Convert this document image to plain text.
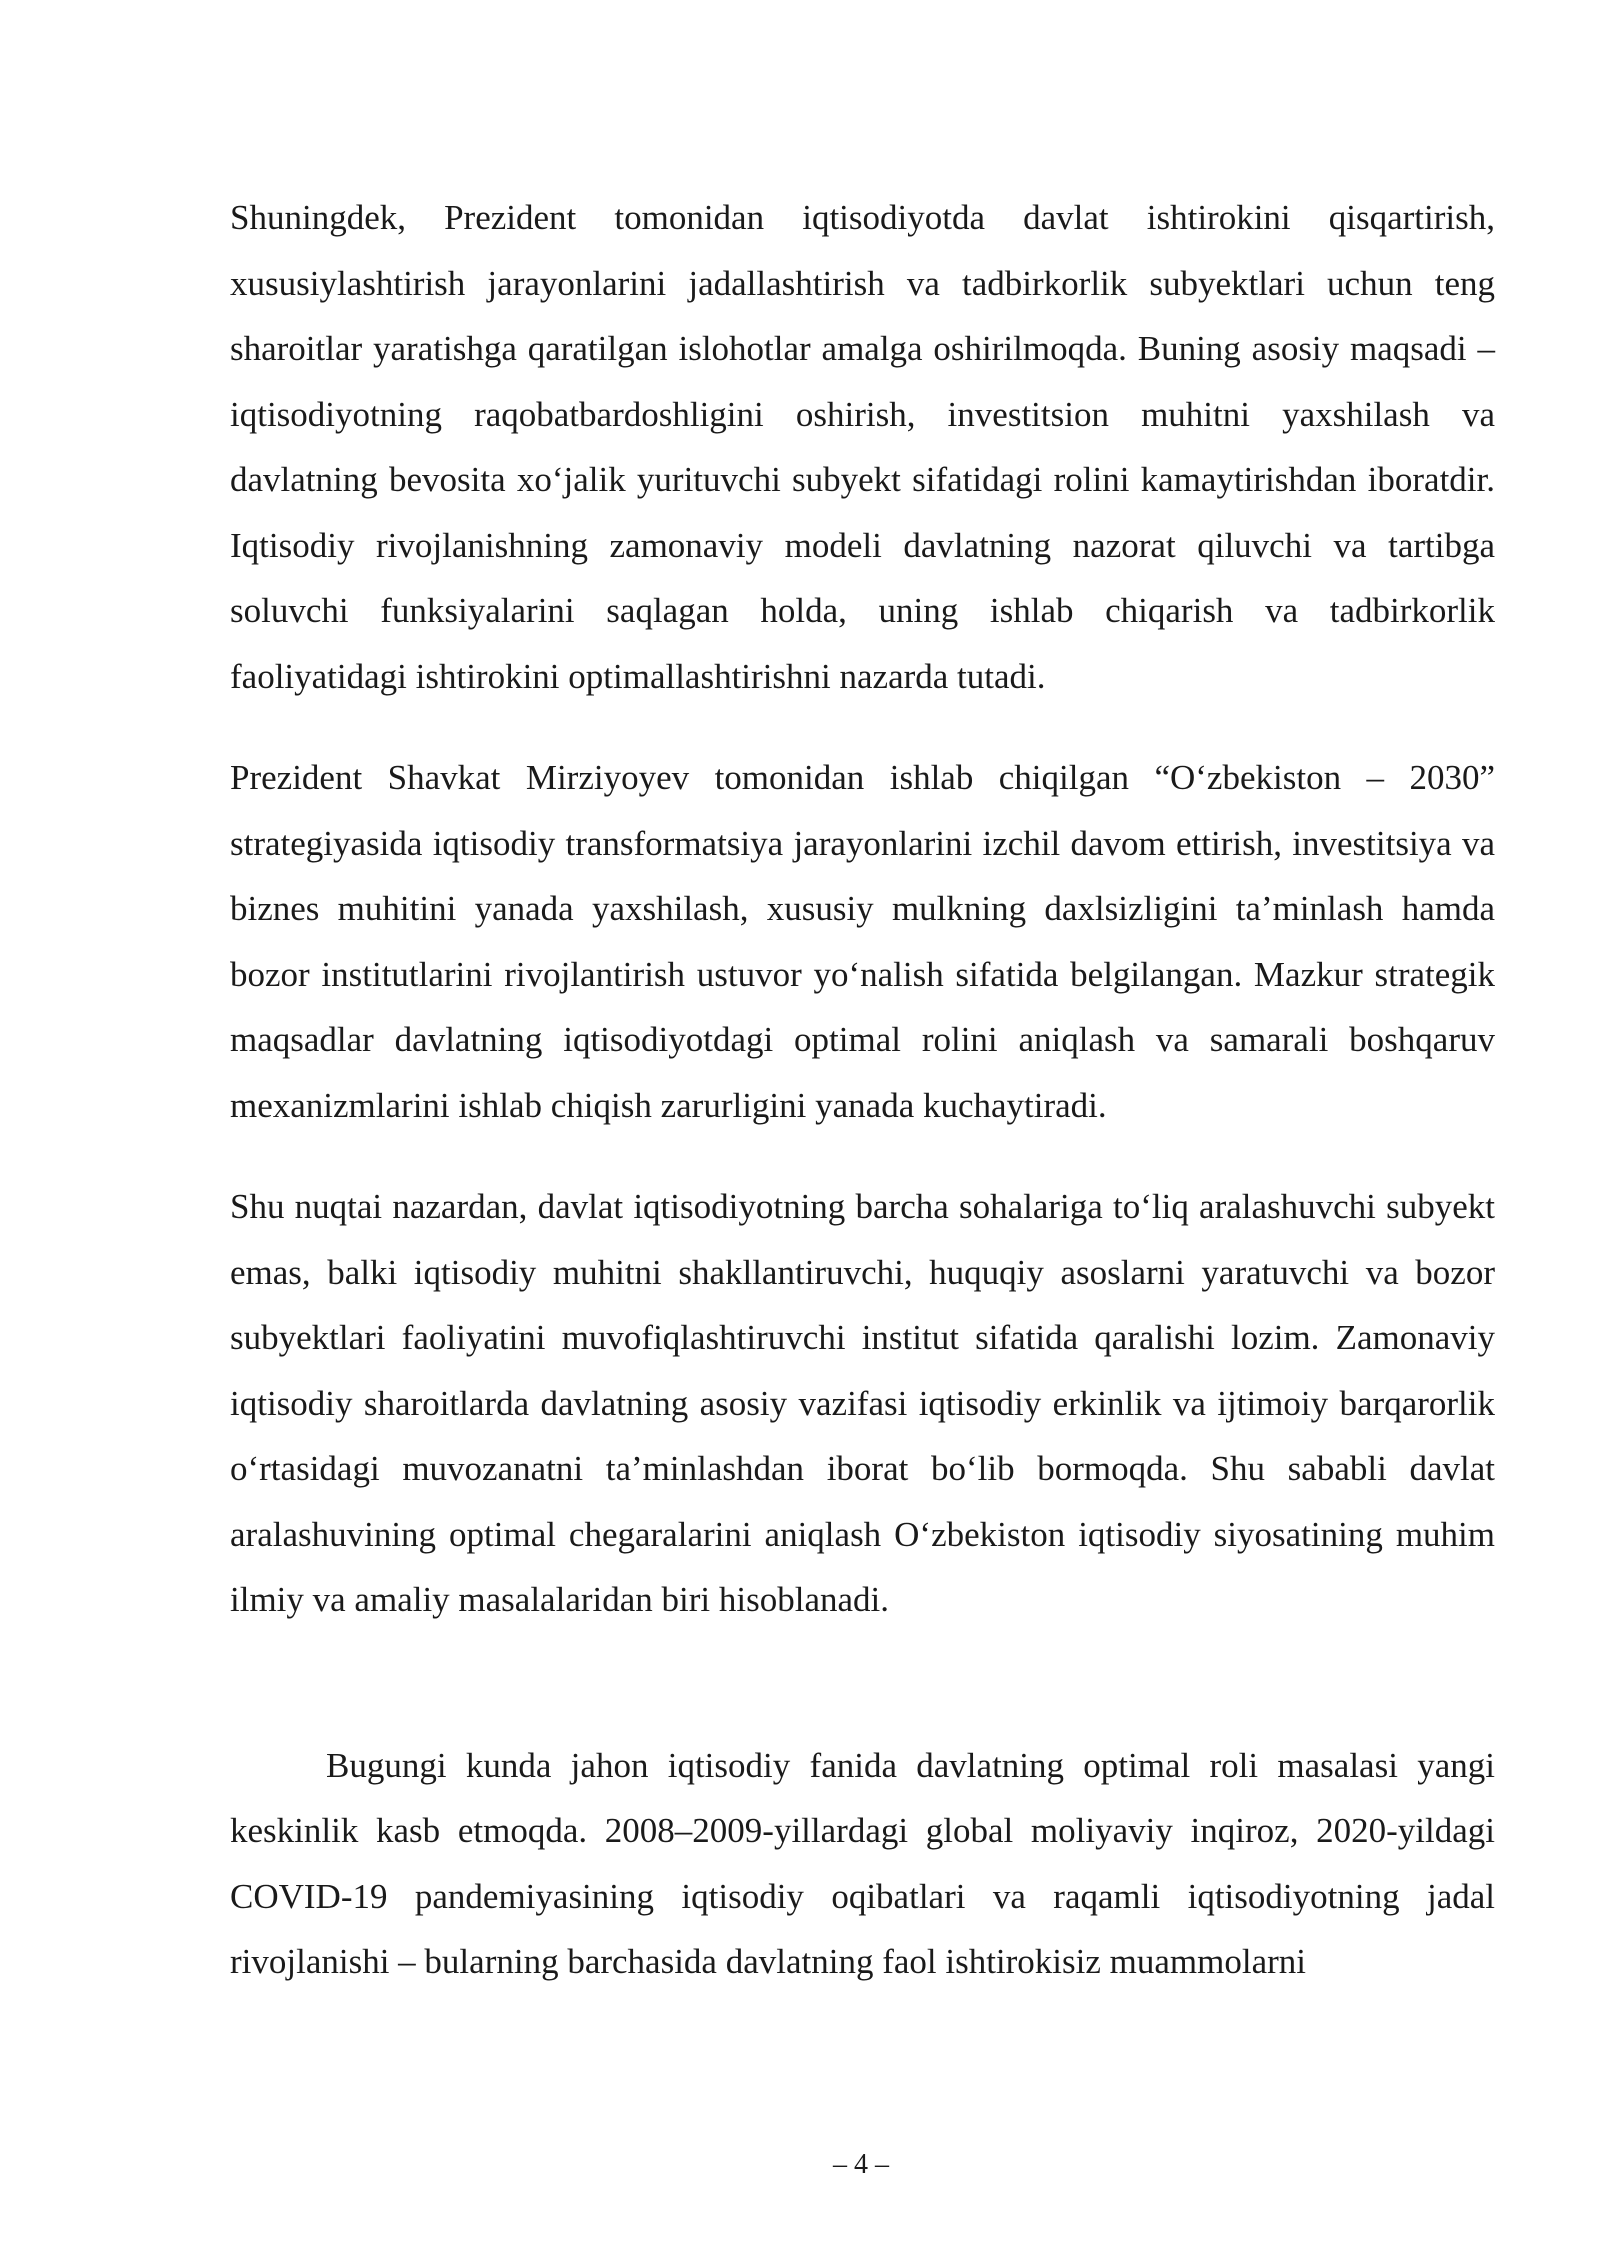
Shuningdek, Prezident tomonidan iqtisodiyotda davlat ishtirokini qisqartirish, xususiylashtirish jarayonlarini jadallashtirish va tadbirkorlik subyektlari uchun teng sharoitlar yaratishga qaratilgan islohotlar amalga oshirilmoqda. Buning asosiy maqsadi – iqtisodiyotning raqobatbardoshligini oshirish, investitsion muhitni yaxshilash va davlatning bevosita xo‘jalik yurituvchi subyekt sifatidagi rolini kamaytirishdan iboratdir. Iqtisodiy rivojlanishning zamonaviy modeli davlatning nazorat qiluvchi va tartibga soluvchi funksiyalarini saqlagan holda, uning ishlab chiqarish va tadbirkorlik faoliyatidagi ishtirokini optimallashtirishni nazarda tutadi.

Prezident Shavkat Mirziyoyev tomonidan ishlab chiqilgan “O‘zbekiston – 2030” strategiyasida iqtisodiy transformatsiya jarayonlarini izchil davom ettirish, investitsiya va biznes muhitini yanada yaxshilash, xususiy mulkning daxlsizligini ta’minlash hamda bozor institutlarini rivojlantirish ustuvor yo‘nalish sifatida belgilangan. Mazkur strategik maqsadlar davlatning iqtisodiyotdagi optimal rolini aniqlash va samarali boshqaruv mexanizmlarini ishlab chiqish zarurligini yanada kuchaytiradi.

Shu nuqtai nazardan, davlat iqtisodiyotning barcha sohalariga to‘liq aralashuvchi subyekt emas, balki iqtisodiy muhitni shakllantiruvchi, huquqiy asoslarni yaratuvchi va bozor subyektlari faoliyatini muvofiqlashtiruvchi institut sifatida qaralishi lozim. Zamonaviy iqtisodiy sharoitlarda davlatning asosiy vazifasi iqtisodiy erkinlik va ijtimoiy barqarorlik o‘rtasidagi muvozanatni ta’minlashdan iborat bo‘lib bormoqda. Shu sababli davlat aralashuvining optimal chegaralarini aniqlash O‘zbekiston iqtisodiy siyosatining muhim ilmiy va amaliy masalalaridan biri hisoblanadi.

Bugungi kunda jahon iqtisodiy fanida davlatning optimal roli masalasi yangi keskinlik kasb etmoqda. 2008–2009-yillardagi global moliyaviy inqiroz, 2020-yildagi COVID-19 pandemiyasining iqtisodiy oqibatlari va raqamli iqtisodiyotning jadal rivojlanishi – bularning barchasida davlatning faol ishtirokisiz muammolarni

– 4 –
